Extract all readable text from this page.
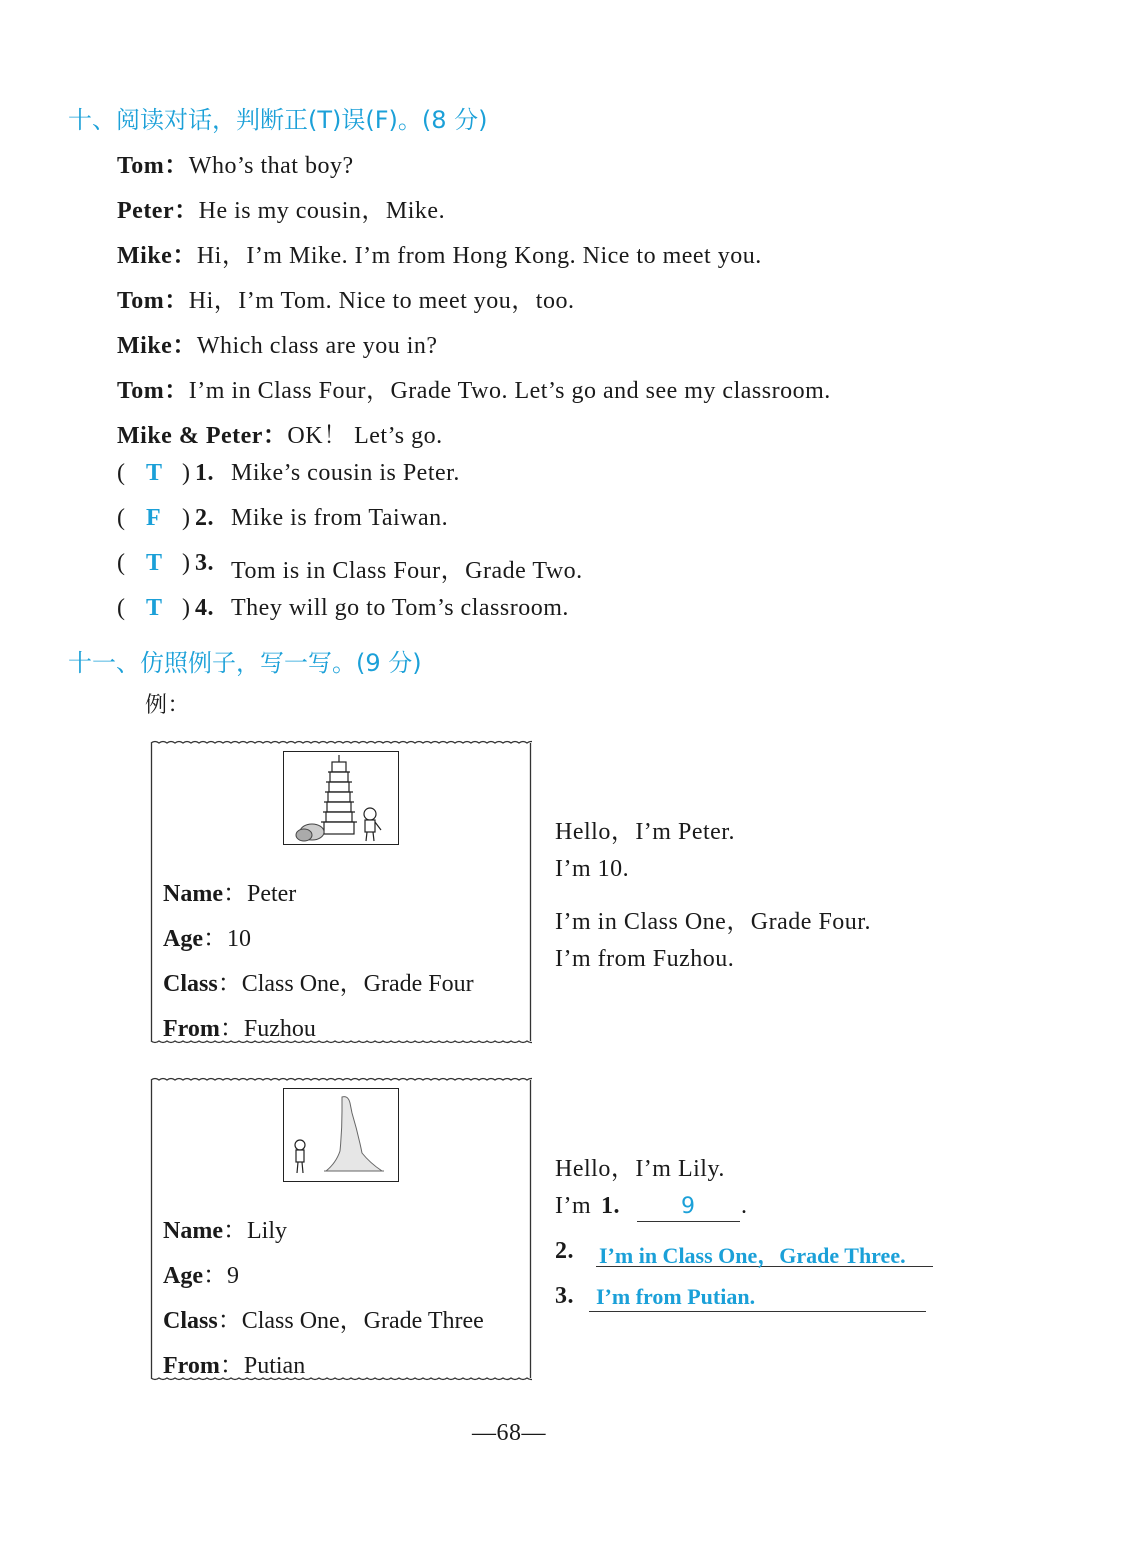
十、阅读对话，判断正(T)误(F)。(8 分)
Tom：Who’s that boy?
Peter：He is my cousin，Mike.
Mike：Hi，I’m Mike. I’m from Hong Kong. Nice to meet you.
Tom：Hi，I’m Tom. Nice to meet you，too.
Mike：Which class are you in?
Tom：I’m in Class Four，Grade Two. Let’s go and see my classroom.
Mike & Peter：OK！ Let’s go.
( T ) 1. Mike’s cousin is Peter.
( F ) 2. Mike is from Taiwan.
( T ) 3. Tom is in Class Four，Grade Two.
( T ) 4. They will go to Tom’s classroom.
十一、仿照例子，写一写。(9 分)
例：
Name：Peter
Age：10
Class：Class One，Grade Four
From：Fuzhou
Hello，I’m Peter.
I’m 10.
I’m in Class One，Grade Four.
I’m from Fuzhou.
Name：Lily
Age：9
Class：Class One，Grade Three
From：Putian
Hello，I’m Lily.
I’m 1.	9 .
2. I’m in Class One，Grade Three.
3. I’m from Putian.
—68—
